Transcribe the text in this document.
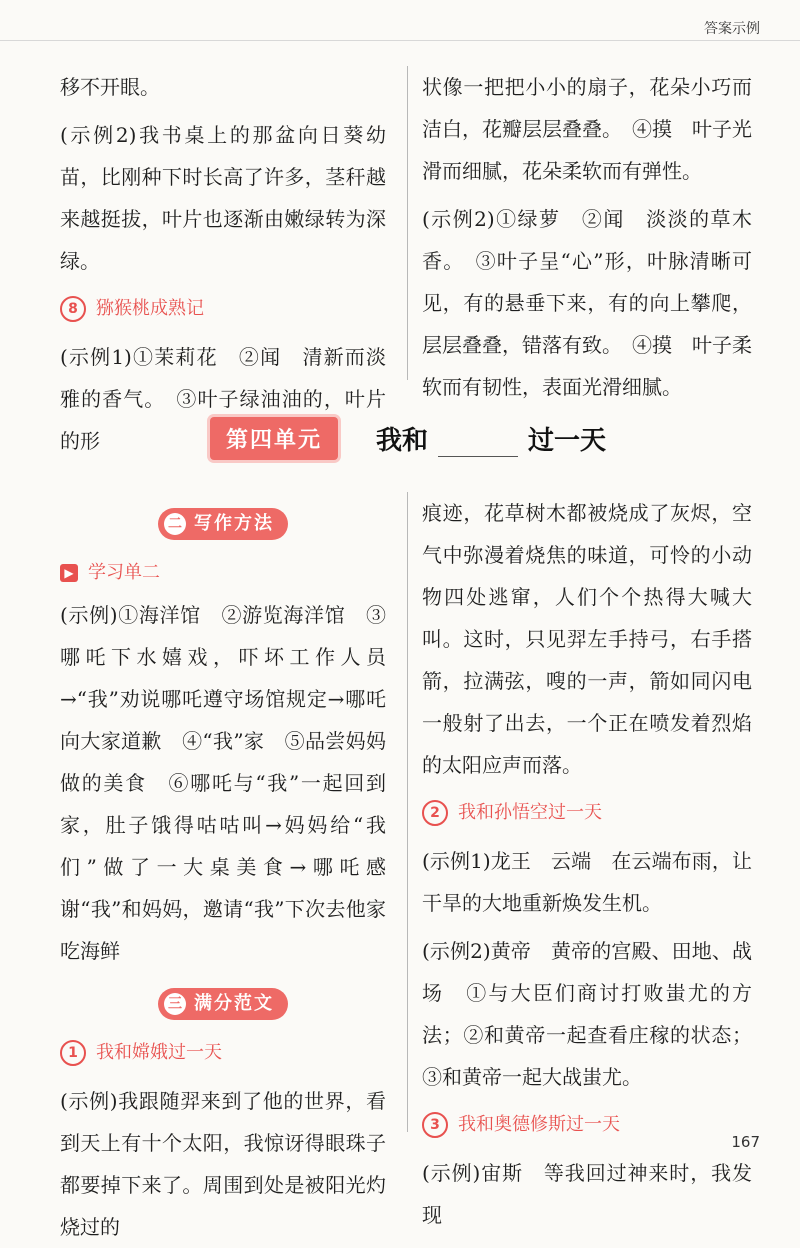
答案示例

移不开眼。

(示例2)我书桌上的那盆向日葵幼苗，比刚种下时长高了许多，茎秆越来越挺拔，叶片也逐渐由嫩绿转为深绿。

8	猕猴桃成熟记

(示例1)①茉莉花　②闻　清新而淡雅的香气。　③叶子绿油油的，叶片的形

状像一把把小小的扇子，花朵小巧而洁白，花瓣层层叠叠。　④摸　叶子光滑而细腻，花朵柔软而有弹性。

(示例2)①绿萝　②闻　淡淡的草木香。　③叶子呈“心”形，叶脉清晰可见，有的悬垂下来，有的向上攀爬，层层叠叠，错落有致。　④摸　叶子柔软而有韧性，表面光滑细腻。

第四单元	我和	过一天
二 写作方法
▶ 学习单二

(示例)①海洋馆　②游览海洋馆　③哪吒下水嬉戏，吓坏工作人员→“我”劝说哪吒遵守场馆规定→哪吒向大家道歉　④“我”家　⑤品尝妈妈做的美食　⑥哪吒与“我”一起回到家，肚子饿得咕咕叫→妈妈给“我们”做了一大桌美食→哪吒感谢“我”和妈妈，邀请“我”下次去他家吃海鲜

三 满分范文
1	我和嫦娥过一天

(示例)我跟随羿来到了他的世界，看到天上有十个太阳，我惊讶得眼珠子都要掉下来了。周围到处是被阳光灼烧过的

痕迹，花草树木都被烧成了灰烬，空气中弥漫着烧焦的味道，可怜的小动物四处逃窜，人们个个热得大喊大叫。这时，只见羿左手持弓，右手搭箭，拉满弦，嗖的一声，箭如同闪电一般射了出去，一个正在喷发着烈焰的太阳应声而落。

2	我和孙悟空过一天

(示例1)龙王　云端　在云端布雨，让干旱的大地重新焕发生机。

(示例2)黄帝　黄帝的宫殿、田地、战场　①与大臣们商讨打败蚩尤的方法；②和黄帝一起查看庄稼的状态；③和黄帝一起大战蚩尤。

3	我和奥德修斯过一天

(示例)宙斯　等我回过神来时，我发现

167
